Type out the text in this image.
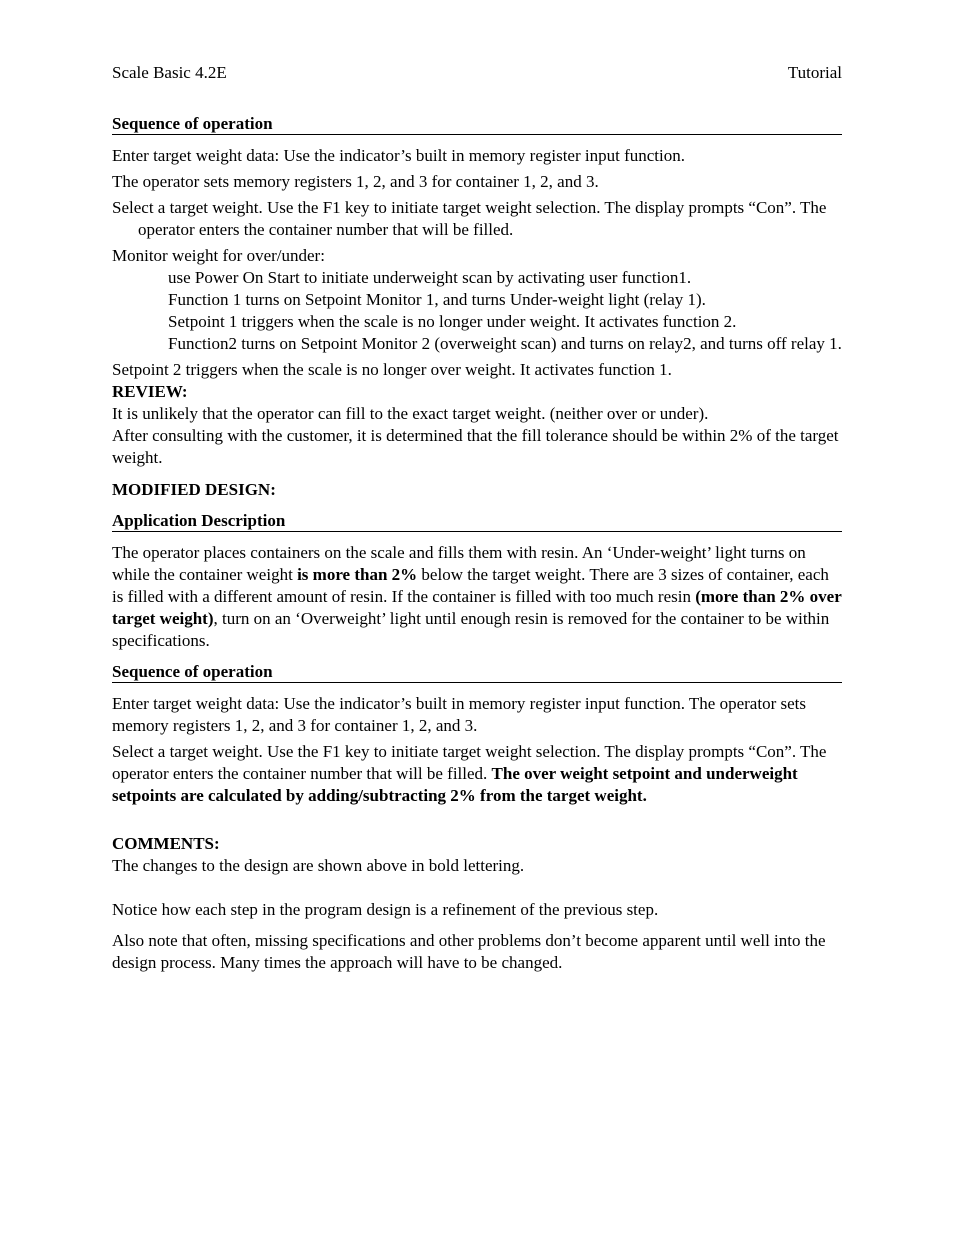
Scale Basic 4.2E	Tutorial
Sequence of operation

Enter target weight data: Use the indicator’s built in memory register input function.

The operator sets memory registers 1, 2, and 3 for container 1, 2, and 3.

Select a target weight. Use the F1 key to initiate target weight selection. The display prompts “Con”. The operator enters the container number that will be filled.

Monitor weight for over/under:

use Power On Start to initiate underweight scan by activating user function1.

Function 1 turns on Setpoint Monitor 1, and turns Under-weight light (relay 1).

Setpoint 1 triggers when the scale is no longer under weight. It activates function 2.

Function2 turns on Setpoint Monitor 2 (overweight scan) and turns on relay2, and turns off relay 1.

Setpoint 2 triggers when the scale is no longer over weight. It activates function 1.

REVIEW:

It is unlikely that the operator can fill to the exact target weight. (neither over or under).

After consulting with the customer, it is determined that the fill tolerance should be within 2% of the target weight.

MODIFIED DESIGN:

Application Description

The operator places containers on the scale and fills them with resin. An ‘Under-weight’ light turns on while the container weight is more than 2% below the target weight. There are 3 sizes of container, each is filled with a different amount of resin. If the container is filled with too much resin (more than 2% over target weight), turn on an ‘Overweight’ light until enough resin is removed for the container to be within specifications.

Sequence of operation

Enter target weight data: Use the indicator’s built in memory register input function. The operator sets memory registers 1, 2, and 3 for container 1, 2, and 3.

Select a target weight. Use the F1 key to initiate target weight selection. The display prompts “Con”. The operator enters the container number that will be filled. The over weight setpoint and underweight setpoints are calculated by adding/subtracting 2% from the target weight.

COMMENTS:

The changes to the design are shown above in bold lettering.

Notice how each step in the program design is a refinement of the previous step.

Also note that often, missing specifications and other problems don’t become apparent until well into the design process. Many times the approach will have to be changed.
